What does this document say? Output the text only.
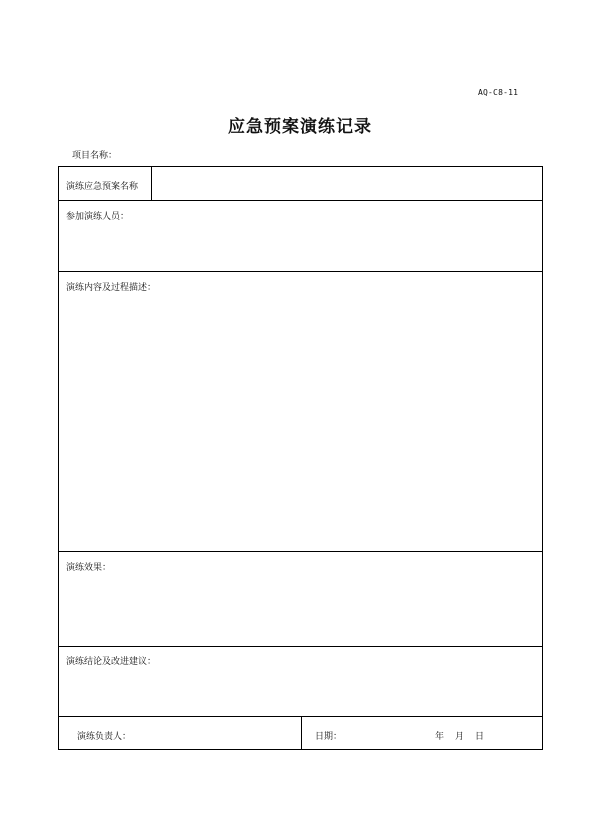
AQ-C8-11
应急预案演练记录
项目名称：
演练应急预案名称
参加演练人员：
演练内容及过程描述：
演练效果：
演练结论及改进建议：
演练负责人：	日期：	年 月 日
